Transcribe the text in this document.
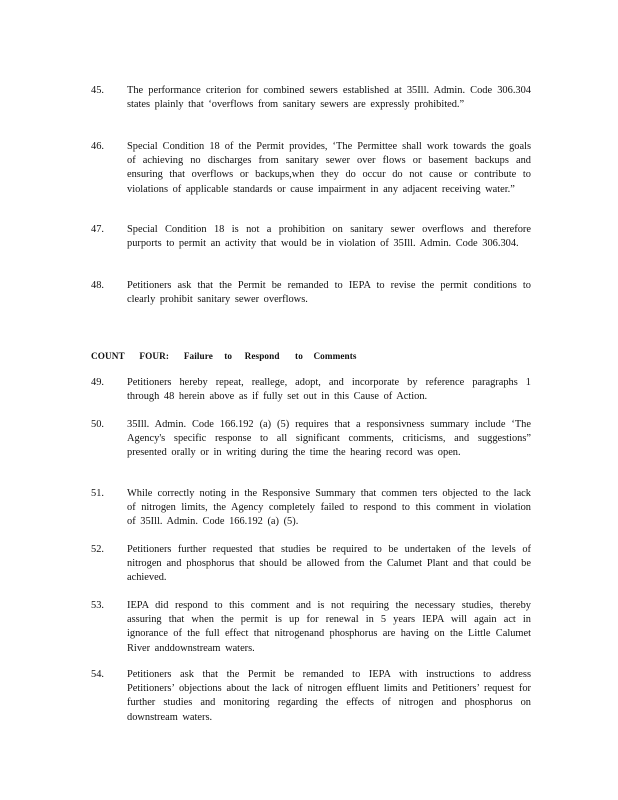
45.	The performance criterion for combined sewers established at 35Ill. Admin. Code 306.304 states plainly that ‘overflows from sanitary sewers are expressly prohibited.”
46.	Special Condition 18 of the Permit provides, ‘The Permittee shall work towards the goals of achieving no discharges from sanitary sewer over flows or basement backups and ensuring that overflows or backups,when they do occur do not cause or contribute to violations of applicable standards or cause impairment in any adjacent receiving water.”
47.	Special Condition 18 is not a prohibition on sanitary sewer overflows and therefore purports to permit an activity that would be in violation of 35Ill. Admin. Code 306.304.
48.	Petitioners ask that the Permit be remanded to IEPA to revise the permit conditions to clearly prohibit sanitary sewer overflows.
COUNT FOUR: Failure to Respond to Comments
49.	Petitioners hereby repeat, reallege, adopt, and incorporate by reference paragraphs 1 through 48 herein above as if fully set out in this Cause of Action.
50.	35Ill. Admin. Code 166.192 (a) (5) requires that a responsivness summary include ‘The Agency's specific response to all significant comments, criticisms, and suggestions” presented orally or in writing during the time the hearing record was open.
51.	While correctly noting in the Responsive Summary that commen ters objected to the lack of nitrogen limits, the Agency completely failed to respond to this comment in violation of 35Ill. Admin. Code 166.192 (a) (5).
52.	Petitioners further requested that studies be required to be undertaken of the levels of nitrogen and phosphorus that should be allowed from the Calumet Plant and that could be achieved.
53.	IEPA did respond to this comment and is not requiring the necessary studies, thereby assuring that when the permit is up for renewal in 5 years IEPA will again act in ignorance of the full effect that nitrogenand phosphorus are having on the Little Calumet River anddownstream waters.
54.	Petitioners ask that the Permit be remanded to IEPA with instructions to address Petitioners’ objections about the lack of nitrogen effluent limits and Petitioners’ request for further studies and monitoring regarding the effects of nitrogen and phosphorus on downstream waters.
